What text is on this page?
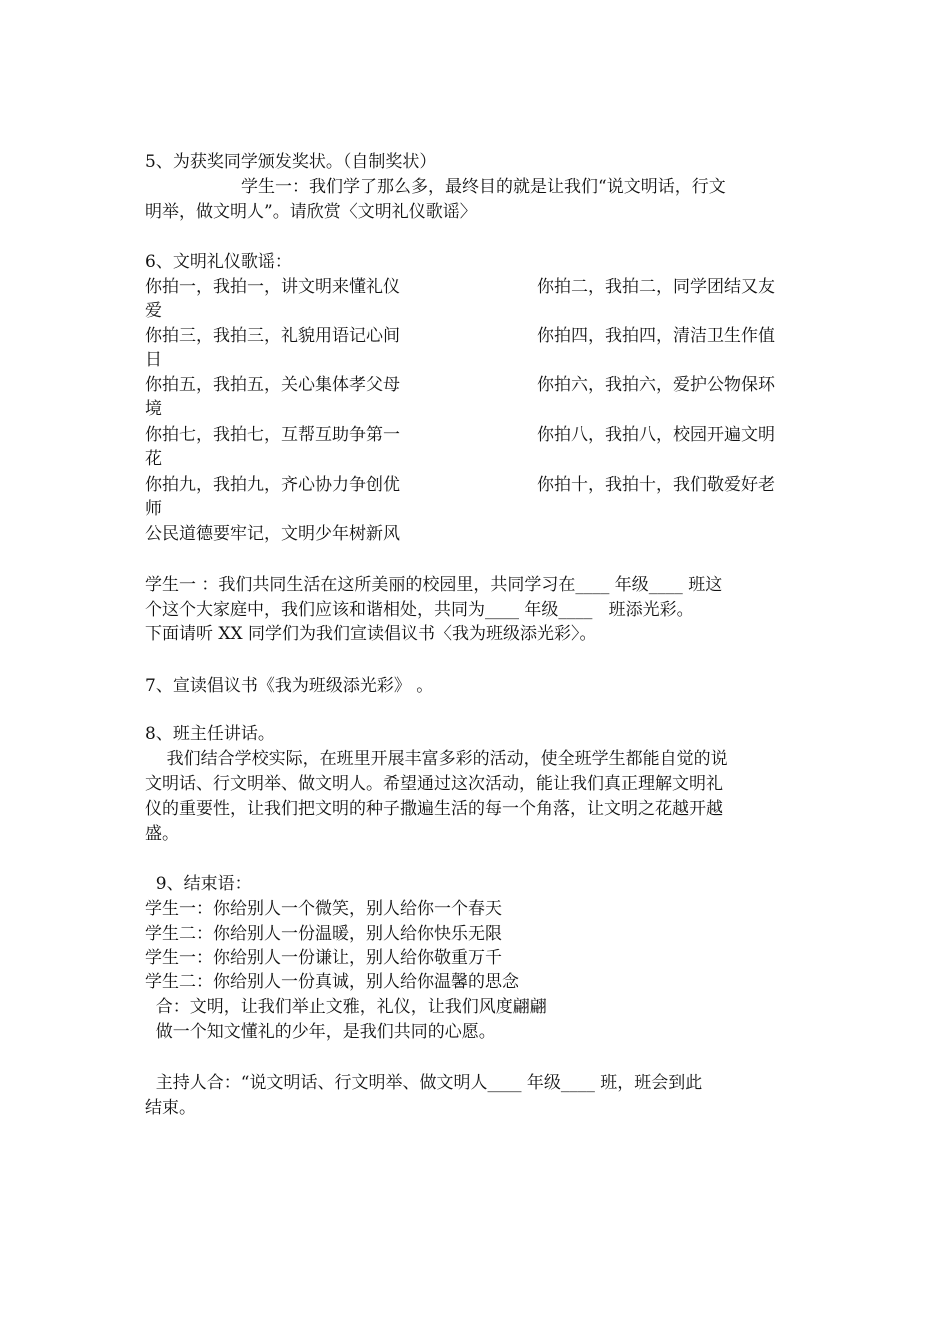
5、为获奖同学颁发奖状。（自制奖状）
学生一：我们学了那么多，最终目的就是让我们“说文明话，行文
明举，做文明人”。请欣赏〈文明礼仪歌谣〉
6、文明礼仪歌谣：
你拍一，我拍一，讲文明来懂礼仪	你拍二，我拍二，同学团结又友
爱
你拍三，我拍三，礼貌用语记心间	你拍四，我拍四，清洁卫生作值
日
你拍五，我拍五，关心集体孝父母	你拍六，我拍六，爱护公物保环
境
你拍七，我拍七，互帮互助争第一	你拍八，我拍八，校园开遍文明
花
你拍九，我拍九，齐心协力争创优	你拍十，我拍十，我们敬爱好老
师
公民道德要牢记，文明少年树新风
学生一 ：我们共同生活在这所美丽的校园里，共同学习在____ 年级____ 班这
个这个大家庭中，我们应该和谐相处，共同为____ 年级____   班添光彩。
下面请听 XX 同学们为我们宣读倡议书〈我为班级添光彩〉。
7、宣读倡议书《我为班级添光彩》 。
8、班主任讲话。
我们结合学校实际，在班里开展丰富多彩的活动，使全班学生都能自觉的说
文明话、行文明举、做文明人。希望通过这次活动，能让我们真正理解文明礼
仪的重要性，让我们把文明的种子撒遍生活的每一个角落，让文明之花越开越
盛。
9、结束语：
学生一：你给别人一个微笑，别人给你一个春天
学生二：你给别人一份温暖，别人给你快乐无限
学生一：你给别人一份谦让，别人给你敬重万千
学生二：你给别人一份真诚，别人给你温馨的思念
合：文明，让我们举止文雅，礼仪，让我们风度翩翩
做一个知文懂礼的少年，是我们共同的心愿。
主持人合：“说文明话、行文明举、做文明人____ 年级____ 班，班会到此
结束。
